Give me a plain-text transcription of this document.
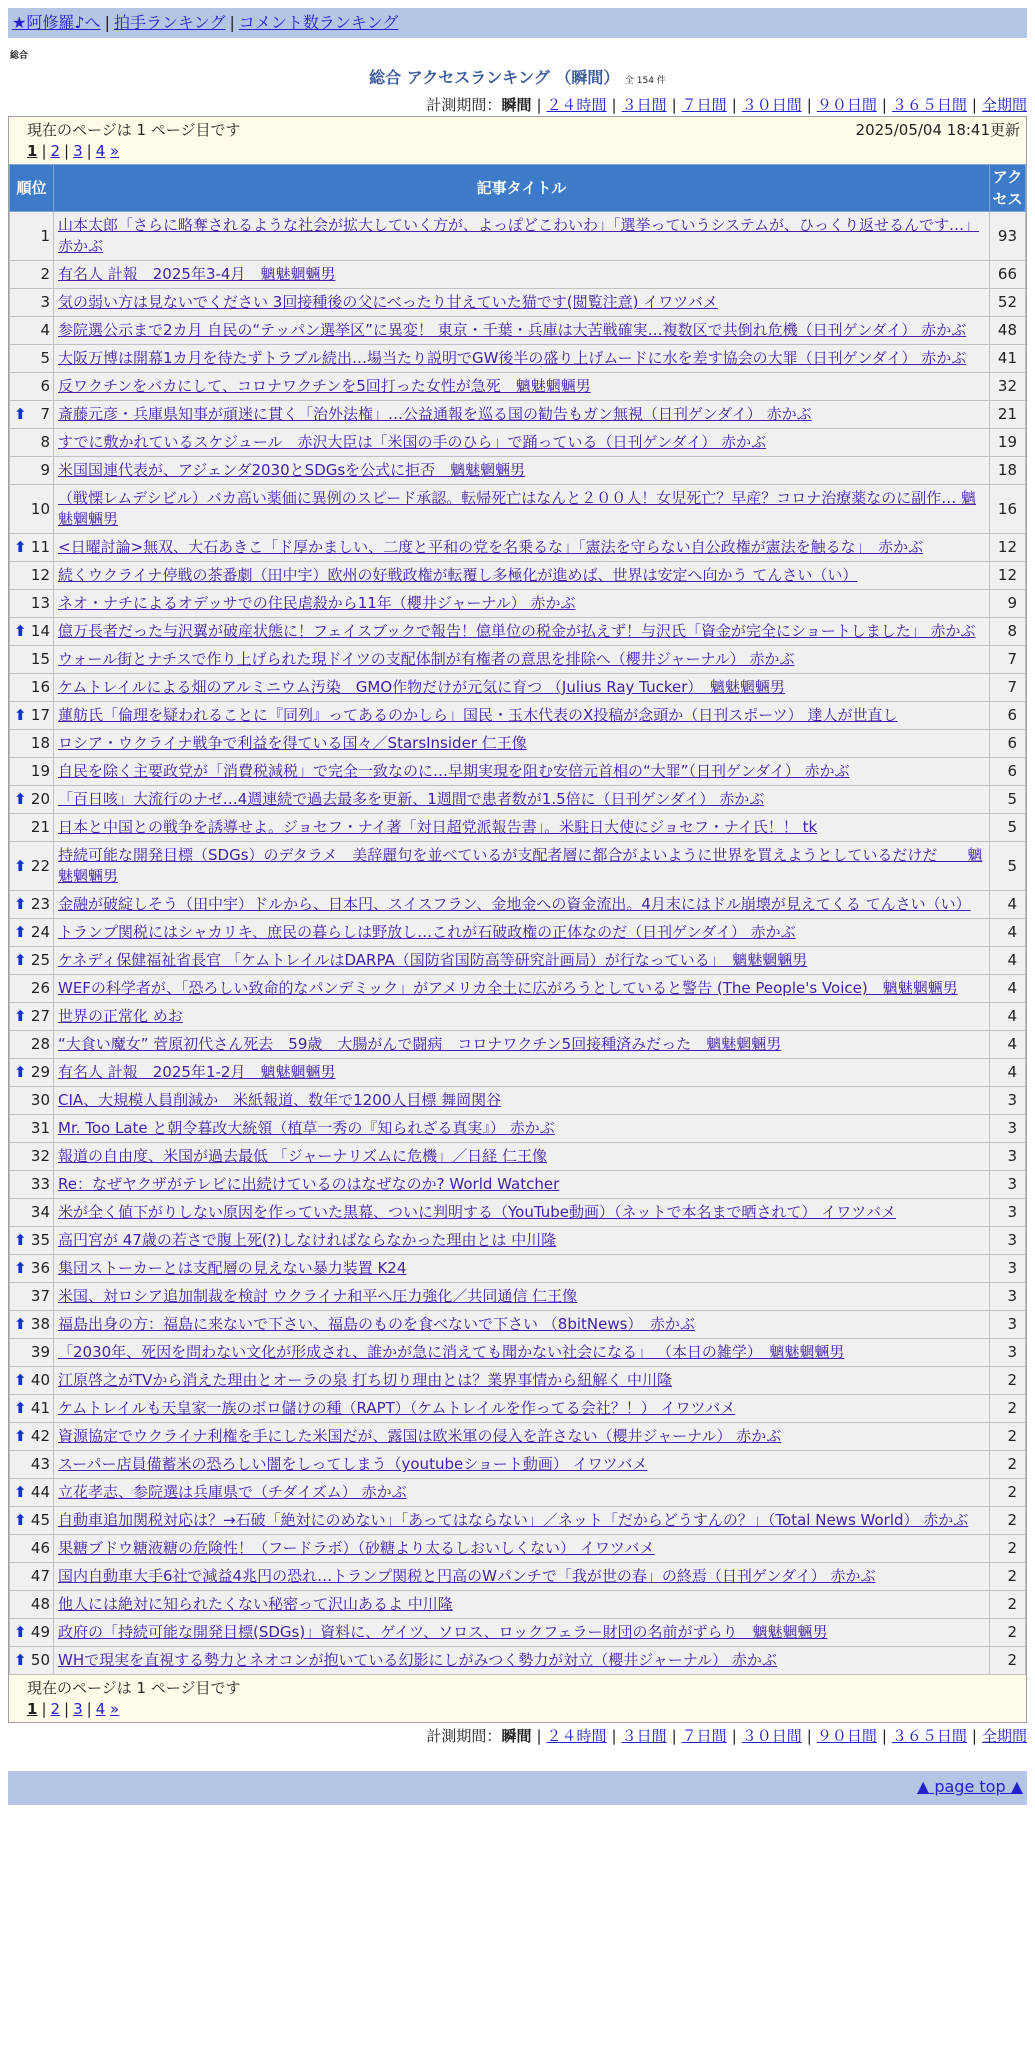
★阿修羅♪へ | 拍手ランキング | コメント数ランキング
総合
総合 アクセスランキング （瞬間） 全 154 件
計測期間：瞬間 | ２４時間 | ３日間 | ７日間 | ３０日間 | ９０日間 | ３６５日間 | 全期間
現在のページは 1 ページ目です	2025/05/04 18:41更新
1 | 2 | 3 | 4 »
順位	記事タイトル	アクセス
1	山本太郎「さらに略奪されるような社会が拡大していく方が、よっぽどこわいわ」「選挙っていうシステムが、ひっくり返せるんです…」 赤かぶ	93
2	有名人 計報　2025年3-4月　魑魅魍魎男	66
3	気の弱い方は見ないでください 3回接種後の父にべったり甘えていた猫です(閲覧注意) イワツバメ	52
4	参院選公示まで2カ月 自民の“テッパン選挙区”に異変！ 東京・千葉・兵庫は大苦戦確実…複数区で共倒れ危機（日刊ゲンダイ） 赤かぶ	48
5	大阪万博は開幕1カ月を待たずトラブル続出…場当たり説明でGW後半の盛り上げムードに水を差す協会の大罪（日刊ゲンダイ） 赤かぶ	41
6	反ワクチンをバカにして、コロナワクチンを5回打った女性が急死　魑魅魍魎男	32

⬆ 7	斎藤元彦・兵庫県知事が頑迷に貫く「治外法権」…公益通報を巡る国の勧告もガン無視（日刊ゲンダイ） 赤かぶ	21
8	すでに敷かれているスケジュール　赤沢大臣は「米国の手のひら」で踊っている（日刊ゲンダイ） 赤かぶ	19
9	米国国連代表が、アジェンダ2030とSDGsを公式に拒否　魑魅魍魎男	18
10	（戦慄レムデシビル）バカ高い薬価に異例のスピード承認。転帰死亡はなんと２００人！女児死亡？早産？コロナ治療薬なのに副作… 魑魅魍魎男	16

⬆ 11	<日曜討論>無双、大石あきこ「ド厚かましい、二度と平和の党を名乗るな」「憲法を守らない自公政権が憲法を触るな」　赤かぶ	12
12	続くウクライナ停戦の茶番劇（田中宇）欧州の好戦政権が転覆し多極化が進めば、世界は安定へ向かう てんさい（い）	12
13	ネオ・ナチによるオデッサでの住民虐殺から11年（櫻井ジャーナル） 赤かぶ	9

⬆ 14	億万長者だった与沢翼が破産状態に！フェイスブックで報告！億単位の税金が払えず！与沢氏「資金が完全にショートしました」 赤かぶ	8
15	ウォール街とナチスで作り上げられた現ドイツの支配体制が有権者の意思を排除へ（櫻井ジャーナル） 赤かぶ	7
16	ケムトレイルによる畑のアルミニウム汚染　GMO作物だけが元気に育つ （Julius Ray Tucker）　魑魅魍魎男	7

⬆ 17	蓮舫氏「倫理を疑われることに『同列』ってあるのかしら」国民・玉木代表のX投稿が念頭か（日刊スポーツ） 達人が世直し	6
18	ロシア・ウクライナ戦争で利益を得ている国々／StarsInsider 仁王像	6
19	自民を除く主要政党が「消費税減税」で完全一致なのに…早期実現を阻む安倍元首相の“大罪”（日刊ゲンダイ） 赤かぶ	6

⬆ 20	「百日咳」大流行のナゼ…4週連続で過去最多を更新、1週間で患者数が1.5倍に（日刊ゲンダイ） 赤かぶ	5
21	日本と中国との戦争を誘導せよ。ジョセフ・ナイ著「対日超党派報告書」。米駐日大使にジョセフ・ナイ氏！！ tk	5

⬆ 22	持続可能な開発目標（SDGs）のデタラメ　美辞麗句を並べているが支配者層に都合がよいように世界を買えようとしているだけだ　　魑魅魍魎男	5

⬆ 23	金融が破綻しそう（田中宇）ドルから、日本円、スイスフラン、金地金への資金流出。4月末にはドル崩壊が見えてくる てんさい（い）	4

⬆ 24	トランプ関税にはシャカリキ、庶民の暮らしは野放し…これが石破政権の正体なのだ（日刊ゲンダイ） 赤かぶ	4

⬆ 25	ケネディ保健福祉省長官 「ケムトレイルはDARPA（国防省国防高等研究計画局）が行なっている」　魑魅魍魎男	4
26	WEFの科学者が、「恐ろしい致命的なパンデミック」がアメリカ全土に広がろうとしていると警告 (The People's Voice)　魑魅魍魎男	4

⬆ 27	世界の正常化 めお	4
28	“大食い魔女” 菅原初代さん死去　59歳　大腸がんで闘病　コロナワクチン5回接種済みだった　魑魅魍魎男	4

⬆ 29	有名人 計報　2025年1-2月　魑魅魍魎男	4
30	CIA、大規模人員削減か　米紙報道、数年で1200人目標 舞岡関谷	3
31	Mr. Too Late と朝令暮改大統領（植草一秀の『知られざる真実』） 赤かぶ	3
32	報道の自由度、米国が過去最低 「ジャーナリズムに危機」／日経 仁王像	3
33	Re：なぜヤクザがテレビに出続けているのはなぜなのか? World Watcher	3
34	米が全く値下がりしない原因を作っていた黒幕、ついに判明する（YouTube動画）（ネットで本名まで晒されて） イワツバメ	3

⬆ 35	高円宮が 47歳の若さで腹上死(?)しなければならなかった理由とは 中川隆	3

⬆ 36	集団ストーカーとは支配層の見えない暴力装置 K24	3
37	米国、対ロシア追加制裁を検討 ウクライナ和平へ圧力強化／共同通信 仁王像	3

⬆ 38	福島出身の方：福島に来ないで下さい、福島のものを食べないで下さい （8bitNews）　赤かぶ	3
39	「2030年、死因を問わない文化が形成され、誰かが急に消えても聞かない社会になる」 （本日の雑学）　魑魅魍魎男	3

⬆ 40	江原啓之がTVから消えた理由とオーラの泉 打ち切り理由とは？業界事情から紐解く 中川隆	2

⬆ 41	ケムトレイルも天皇家一族のボロ儲けの種（RAPT）（ケムトレイルを作ってる会社？！） イワツバメ	2

⬆ 42	資源協定でウクライナ利権を手にした米国だが、露国は欧米軍の侵入を許さない（櫻井ジャーナル） 赤かぶ	2
43	スーパー店員備蓄米の恐ろしい闇をしってしまう（youtubeショート動画） イワツバメ	2

⬆ 44	立花孝志、参院選は兵庫県で（チダイズム） 赤かぶ	2

⬆ 45	自動車追加関税対応は？→石破「絶対にのめない」「あってはならない」／ネット「だからどうすんの？」（Total News World） 赤かぶ	2
46	果糖ブドウ糖液糖の危険性！（フードラボ）（砂糖より太るしおいしくない） イワツバメ	2
47	国内自動車大手6社で減益4兆円の恐れ…トランプ関税と円高のWパンチで「我が世の春」の終焉（日刊ゲンダイ） 赤かぶ	2
48	他人には絶対に知られたくない秘密って沢山あるよ 中川隆	2

⬆ 49	政府の「持続可能な開発目標(SDGs)」資料に、ゲイツ、ソロス、ロックフェラー財団の名前がずらり　魑魅魍魎男	2

⬆ 50	WHで現実を直視する勢力とネオコンが抱いている幻影にしがみつく勢力が対立（櫻井ジャーナル） 赤かぶ	2
現在のページは 1 ページ目です
1 | 2 | 3 | 4 »
計測期間：瞬間 | ２４時間 | ３日間 | ７日間 | ３０日間 | ９０日間 | ３６５日間 | 全期間
▲ page top ▲
